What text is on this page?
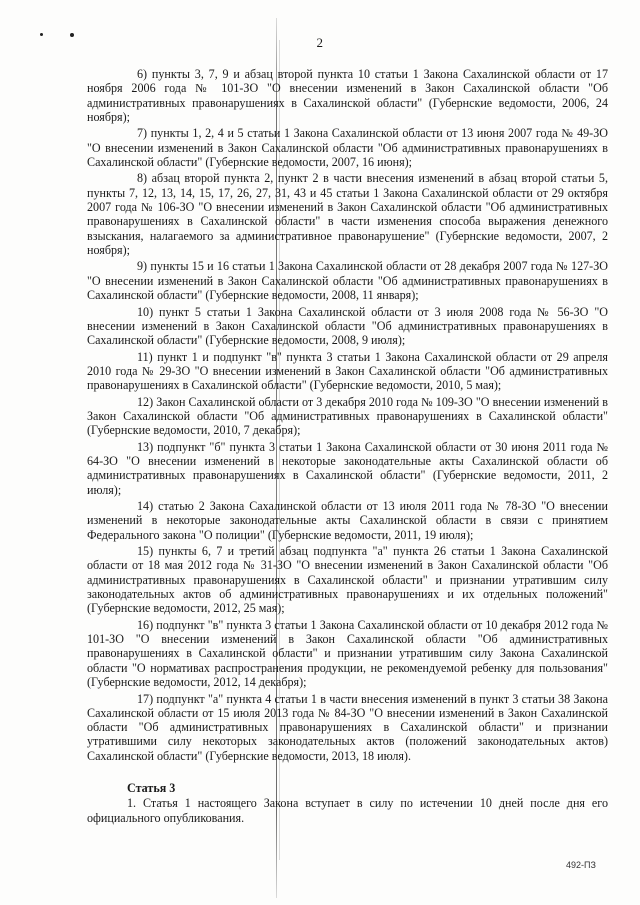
2

6) пункты 3, 7, 9 и абзац второй пункта 10 статьи 1 Закона Сахалинской области от 17 ноября 2006 года № 101-ЗО "О внесении изменений в Закон Сахалинской области "Об административных правонарушениях в Сахалинской области" (Губернские ведомости, 2006, 24 ноября);

7) пункты 1, 2, 4 и 5 статьи 1 Закона Сахалинской области от 13 июня 2007 года № 49-ЗО "О внесении изменений в Закон Сахалинской области "Об административных правонарушениях в Сахалинской области" (Губернские ведомости, 2007, 16 июня);

8) абзац второй пункта 2, пункт 2 в части внесения изменений в абзац второй статьи 5, пункты 7, 12, 13, 14, 15, 17, 26, 27, 31, 43 и 45 статьи 1 Закона Сахалинской области от 29 октября 2007 года № 106-ЗО "О внесении изменений в Закон Сахалинской области "Об административных правонарушениях в Сахалинской области" в части изменения способа выражения денежного взыскания, налагаемого за административное правонарушение" (Губернские ведомости, 2007, 2 ноября);

9) пункты 15 и 16 статьи 1 Закона Сахалинской области от 28 декабря 2007 года № 127-ЗО "О внесении изменений в Закон Сахалинской области "Об административных правонарушениях в Сахалинской области" (Губернские ведомости, 2008, 11 января);

10) пункт 5 статьи 1 Закона Сахалинской области от 3 июля 2008 года № 56-ЗО "О внесении изменений в Закон Сахалинской области "Об административных правонарушениях в Сахалинской области" (Губернские ведомости, 2008, 9 июля);

11) пункт 1 и подпункт "в" пункта 3 статьи 1 Закона Сахалинской области от 29 апреля 2010 года № 29-ЗО "О внесении изменений в Закон Сахалинской области "Об административных правонарушениях в Сахалинской области" (Губернские ведомости, 2010, 5 мая);

12) Закон Сахалинской области от 3 декабря 2010 года № 109-ЗО "О внесении изменений в Закон Сахалинской области "Об административных правонарушениях в Сахалинской области" (Губернские ведомости, 2010, 7 декабря);

13) подпункт "б" пункта 3 статьи 1 Закона Сахалинской области от 30 июня 2011 года № 64-ЗО "О внесении изменений в некоторые законодательные акты Сахалинской области об административных правонарушениях в Сахалинской области" (Губернские ведомости, 2011, 2 июля);

14) статью 2 Закона Сахалинской области от 13 июля 2011 года № 78-ЗО "О внесении изменений в некоторые законодательные акты Сахалинской области в связи с принятием Федерального закона "О полиции" (Губернские ведомости, 2011, 19 июля);

15) пункты 6, 7 и третий абзац подпункта "а" пункта 26 статьи 1 Закона Сахалинской области от 18 мая 2012 года № 31-ЗО "О внесении изменений в Закон Сахалинской области "Об административных правонарушениях в Сахалинской области" и признании утратившим силу законодательных актов об административных правонарушениях и их отдельных положений" (Губернские ведомости, 2012, 25 мая);

16) подпункт "в" пункта 3 статьи 1 Закона Сахалинской области от 10 декабря 2012 года № 101-ЗО "О внесении изменений в Закон Сахалинской области "Об административных правонарушениях в Сахалинской области" и признании утратившим силу Закона Сахалинской области "О нормативах распространения продукции, не рекомендуемой ребенку для пользования" (Губернские ведомости, 2012, 14 декабря);

17) подпункт "а" пункта 4 статьи 1 в части внесения изменений в пункт 3 статьи 38 Закона Сахалинской области от 15 июля 2013 года № 84-ЗО "О внесении изменений в Закон Сахалинской области "Об административных правонарушениях в Сахалинской области" и признании утратившими силу некоторых законодательных актов (положений законодательных актов) Сахалинской области" (Губернские ведомости, 2013, 18 июля).

Статья 3

1. Статья 1 настоящего Закона вступает в силу по истечении 10 дней после дня его официального опубликования.

492-ПЗ
